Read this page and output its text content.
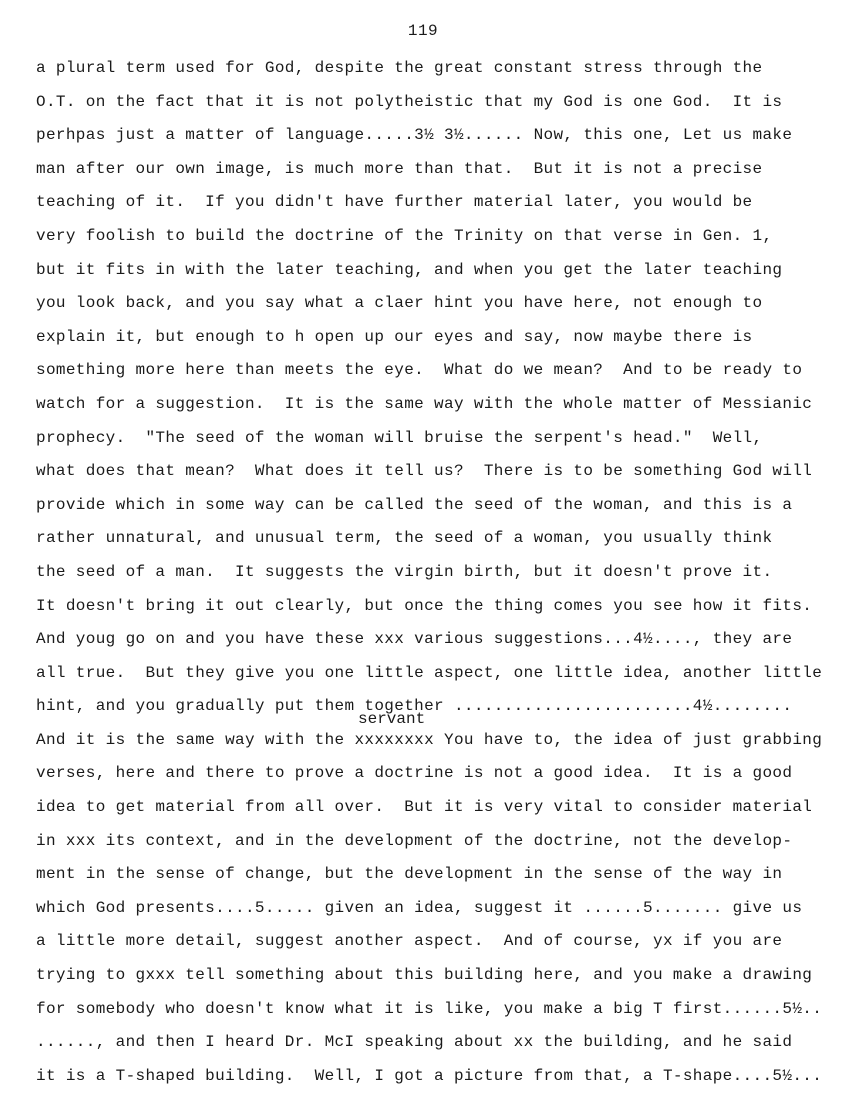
119
servant
a plural term used for God, despite the great constant stress through the
O.T. on the fact that it is not polytheistic that my God is one God.  It is
perhpas just a matter of language.....3½ 3½...... Now, this one, Let us make
man after our own image, is much more than that.  But it is not a precise
teaching of it.  If you didn't have further material later, you would be
very foolish to build the doctrine of the Trinity on that verse in Gen. 1,
but it fits in with the later teaching, and when you get the later teaching
you look back, and you say what a claer hint you have here, not enough to
explain it, but enough to h open up our eyes and say, now maybe there is
something more here than meets the eye.  What do we mean?  And to be ready to
watch for a suggestion.  It is the same way with the whole matter of Messianic
prophecy.  "The seed of the woman will bruise the serpent's head."  Well,
what does that mean?  What does it tell us?  There is to be something God will
provide which in some way can be called the seed of the woman, and this is a
rather unnatural, and unusual term, the seed of a woman, you usually think
the seed of a man.  It suggests the virgin birth, but it doesn't prove it.
It doesn't bring it out clearly, but once the thing comes you see how it fits.
And youg go on and you have these xxx various suggestions...4½...., they are
all true.  But they give you one little aspect, one little idea, another little
hint, and you gradually put them together ........................4½........
And it is the same way with the xxxxxxxx You have to, the idea of just grabbing
verses, here and there to prove a doctrine is not a good idea.  It is a good
idea to get material from all over.  But it is very vital to consider material
in xxx its context, and in the development of the doctrine, not the develop-
ment in the sense of change, but the development in the sense of the way in
which God presents....5..... given an idea, suggest it ......5....... give us
a little more detail, suggest another aspect.  And of course, yx if you are
trying to gxxx tell something about this building here, and you make a drawing
for somebody who doesn't know what it is like, you make a big T first......5½..
......, and then I heard Dr. McI speaking about xx the building, and he said
it is a T-shaped building.  Well, I got a picture from that, a T-shape....5½...
